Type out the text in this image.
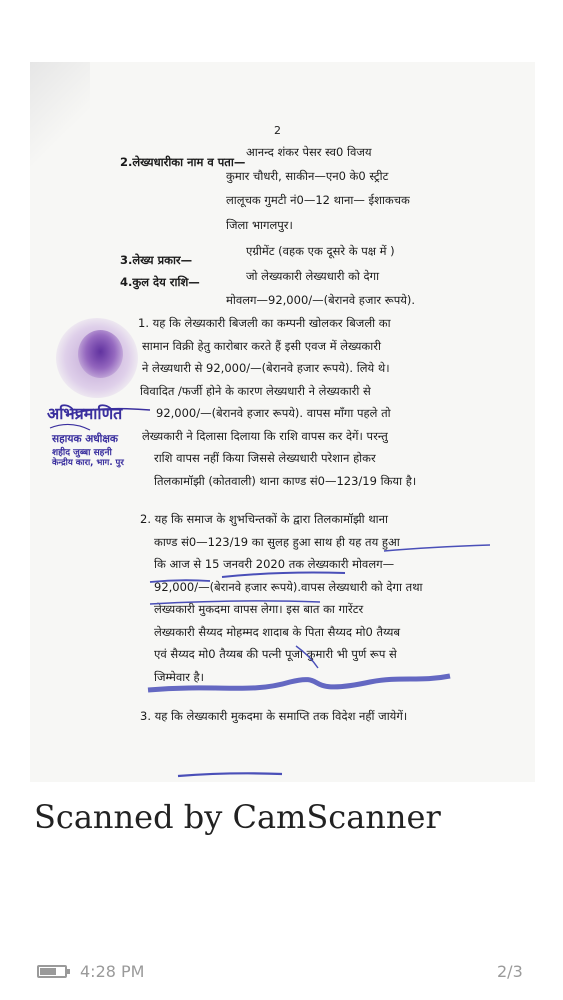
2
2.लेख्यधारीका नाम व पता—
आनन्द शंकर पेसर स्व0 विजय
कुमार चौधरी, साकीन—एन0 के0 स्ट्रीट
लालूचक गुमटी नं0—12 थाना— ईशाकचक
जिला भागलपुर।
3.लेख्य प्रकार—
एग्रीमेंट (वहक एक दूसरे के पक्ष में )
4.कुल देय राशि—	जो लेख्यकारी लेख्यधारी को देगा
मोवलग—92,000/—(बेरानवे हजार रूपये).
1. यह कि लेख्यकारी बिजली का कम्पनी खोलकर बिजली का
सामान विक्री हेतु कारोबार करते हैं इसी एवज में लेख्यकारी
ने लेख्यधारी से 92,000/—(बेरानवे हजार रूपये). लिये थे।
विवादित /फर्जी होने के कारण लेख्यधारी ने लेख्यकारी से
92,000/—(बेरानवे हजार रूपये). वापस माँगा पहले तो
लेख्यकारी ने दिलासा दिलाया कि राशि वापस कर देगें। परन्तु
राशि वापस नहीं किया जिससे लेख्यधारी परेशान होकर
तिलकामॉझी (कोतवाली) थाना काण्ड सं0—123/19 किया है।
2. यह कि समाज के शुभचिन्तकों के द्वारा तिलकामॉझी थाना
काण्ड सं0—123/19 का सुलह हुआ साथ ही यह तय हुआ
कि आज से 15 जनवरी 2020 तक लेख्यकारी मोवलग—
92,000/—(बेरानवे हजार रूपये).वापस लेख्यधारी को देगा तथा
लेख्यकारी मुकदमा वापस लेगा। इस बात का गारेंटर
लेख्यकारी सैय्यद मोहम्मद शादाब के पिता सैय्यद मो0 तैय्यब
एवं सैय्यद मो0 तैय्यब की पत्नी पूजा कुमारी भी पुर्ण रूप से
जिम्मेवार है।
3. यह कि लेख्यकारी मुकदमा के समाप्ति तक विदेश नहीं जायेगें।
अभिप्रमाणित
सहायक अधीक्षक
शहीद जुब्बा सहनी
केन्द्रीय कारा, भाग. पुर
Scanned by CamScanner
4:28 PM	2/3
